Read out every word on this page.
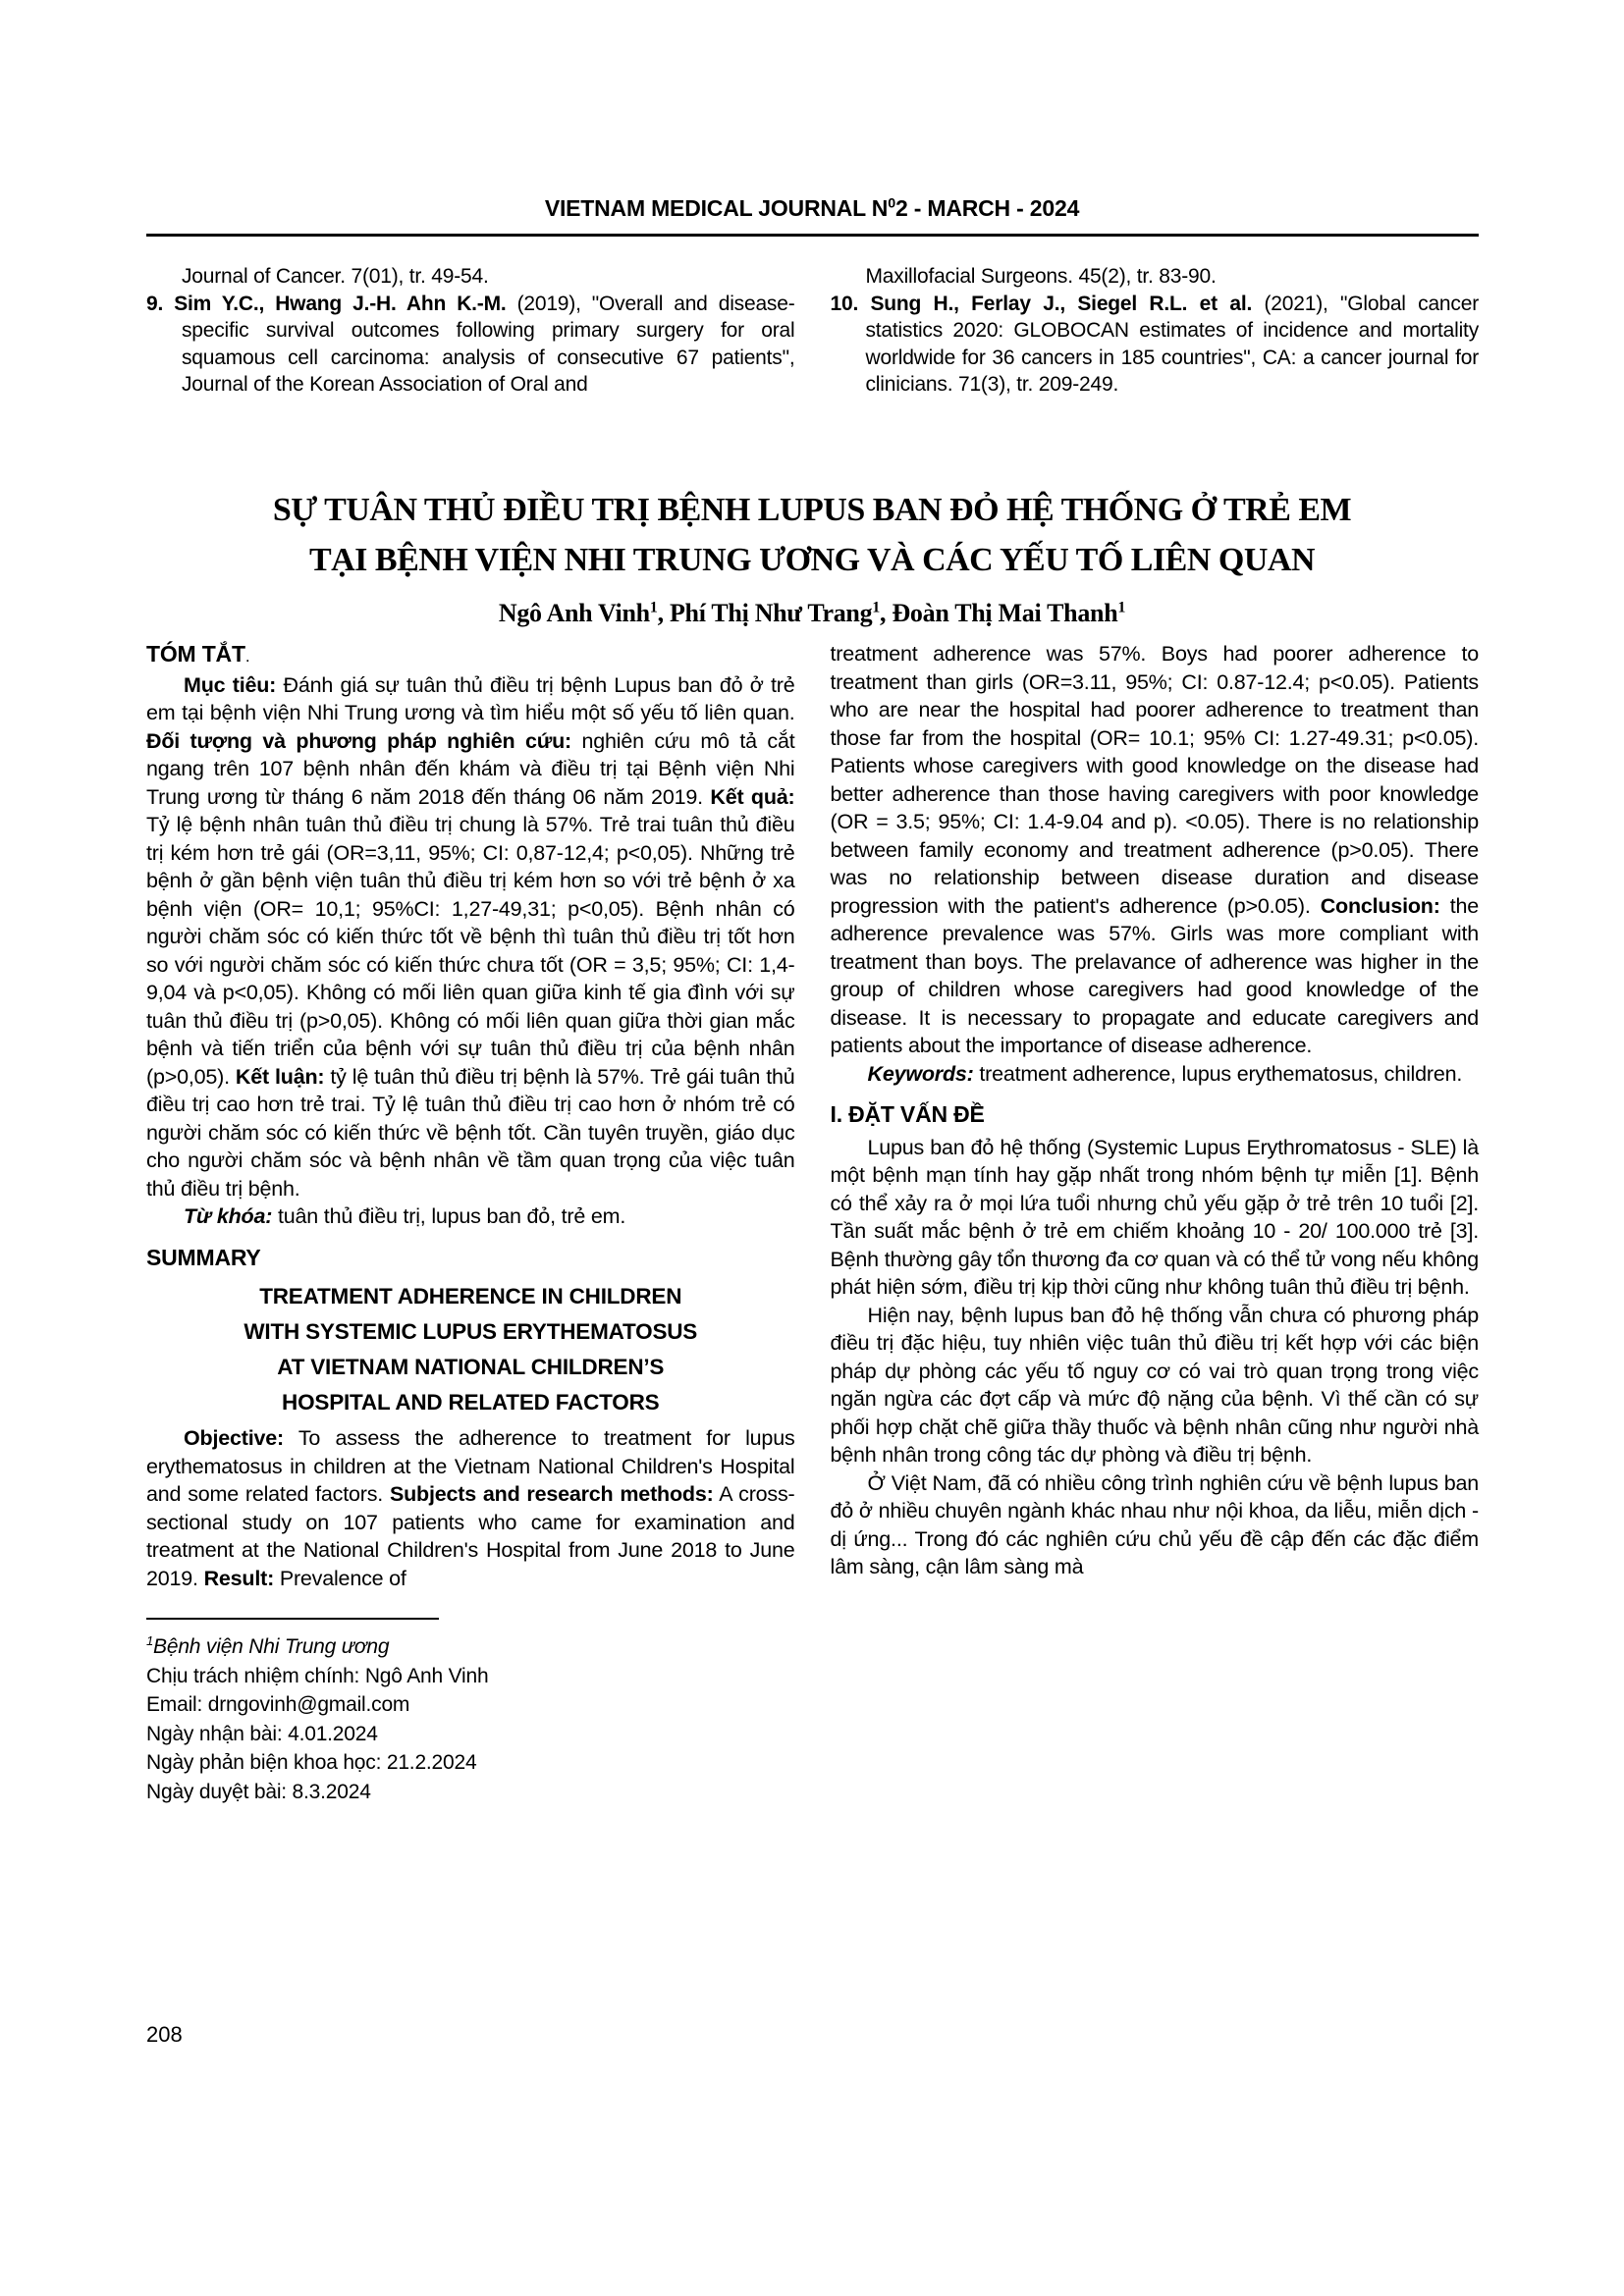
VIETNAM MEDICAL JOURNAL $N^02$ - MARCH - 2024
Journal of Cancer. 7(01), tr. 49-54.
9. Sim Y.C., Hwang J.-H. Ahn K.-M. (2019), "Overall and disease-specific survival outcomes following primary surgery for oral squamous cell carcinoma: analysis of consecutive 67 patients", Journal of the Korean Association of Oral and
Maxillofacial Surgeons. 45(2), tr. 83-90.
10. Sung H., Ferlay J., Siegel R.L. et al. (2021), "Global cancer statistics 2020: GLOBOCAN estimates of incidence and mortality worldwide for 36 cancers in 185 countries", CA: a cancer journal for clinicians. 71(3), tr. 209-249.
SỰ TUÂN THỦ ĐIỀU TRỊ BỆNH LUPUS BAN ĐỎ HỆ THỐNG Ở TRẺ EM
TẠI BỆNH VIỆN NHI TRUNG ƯƠNG VÀ CÁC YẾU TỐ LIÊN QUAN
Ngô Anh Vinh$^1$, Phí Thị Như Trang$^1$, Đoàn Thị Mai Thanh$^1$
TÓM TẮT.

Mục tiêu: Đánh giá sự tuân thủ điều trị bệnh Lupus ban đỏ ở trẻ em tại bệnh viện Nhi Trung ương và tìm hiểu một số yếu tố liên quan. Đối tượng và phương pháp nghiên cứu: nghiên cứu mô tả cắt ngang trên 107 bệnh nhân đến khám và điều trị tại Bệnh viện Nhi Trung ương từ tháng 6 năm 2018 đến tháng 06 năm 2019. Kết quả: Tỷ lệ bệnh nhân tuân thủ điều trị chung là 57%. Trẻ trai tuân thủ điều trị kém hơn trẻ gái (OR=3,11, 95%; CI: 0,87-12,4; p<0,05). Những trẻ bệnh ở gần bệnh viện tuân thủ điều trị kém hơn so với trẻ bệnh ở xa bệnh viện (OR= 10,1; 95%CI: 1,27-49,31; p<0,05). Bệnh nhân có người chăm sóc có kiến thức tốt về bệnh thì tuân thủ điều trị tốt hơn so với người chăm sóc có kiến thức chưa tốt (OR = 3,5; 95%; CI: 1,4-9,04 và p<0,05). Không có mối liên quan giữa kinh tế gia đình với sự tuân thủ điều trị (p>0,05). Không có mối liên quan giữa thời gian mắc bệnh và tiến triển của bệnh với sự tuân thủ điều trị của bệnh nhân (p>0,05). Kết luận: tỷ lệ tuân thủ điều trị bệnh là 57%. Trẻ gái tuân thủ điều trị cao hơn trẻ trai. Tỷ lệ tuân thủ điều trị cao hơn ở nhóm trẻ có người chăm sóc có kiến thức về bệnh tốt. Cần tuyên truyền, giáo dục cho người chăm sóc và bệnh nhân về tầm quan trọng của việc tuân thủ điều trị bệnh.

Từ khóa: tuân thủ điều trị, lupus ban đỏ, trẻ em.

SUMMARY
TREATMENT ADHERENCE IN CHILDREN
WITH SYSTEMIC LUPUS ERYTHEMATOSUS
AT VIETNAM NATIONAL CHILDREN’S
HOSPITAL AND RELATED FACTORS

Objective: To assess the adherence to treatment for lupus erythematosus in children at the Vietnam National Children's Hospital and some related factors. Subjects and research methods: A cross-sectional study on 107 patients who came for examination and treatment at the National Children's Hospital from June 2018 to June 2019. Result: Prevalence of

$^1$Bệnh viện Nhi Trung ương
Chịu trách nhiệm chính: Ngô Anh Vinh
Email: drngovinh@gmail.com
Ngày nhận bài: 4.01.2024
Ngày phản biện khoa học: 21.2.2024
Ngày duyệt bài: 8.3.2024

treatment adherence was 57%. Boys had poorer adherence to treatment than girls (OR=3.11, 95%; CI: 0.87-12.4; p<0.05). Patients who are near the hospital had poorer adherence to treatment than those far from the hospital (OR= 10.1; 95% CI: 1.27-49.31; p<0.05). Patients whose caregivers with good knowledge on the disease had better adherence than those having caregivers with poor knowledge (OR = 3.5; 95%; CI: 1.4-9.04 and p). <0.05). There is no relationship between family economy and treatment adherence (p>0.05). There was no relationship between disease duration and disease progression with the patient's adherence (p>0.05). Conclusion: the adherence prevalence was 57%. Girls was more compliant with treatment than boys. The prelavance of adherence was higher in the group of children whose caregivers had good knowledge of the disease. It is necessary to propagate and educate caregivers and patients about the importance of disease adherence.

Keywords: treatment adherence, lupus erythematosus, children.

I. ĐẶT VẤN ĐỀ

Lupus ban đỏ hệ thống (Systemic Lupus Erythromatosus - SLE) là một bệnh mạn tính hay gặp nhất trong nhóm bệnh tự miễn [1]. Bệnh có thể xảy ra ở mọi lứa tuổi nhưng chủ yếu gặp ở trẻ trên 10 tuổi [2]. Tần suất mắc bệnh ở trẻ em chiếm khoảng 10 - 20/ 100.000 trẻ [3]. Bệnh thường gây tổn thương đa cơ quan và có thể tử vong nếu không phát hiện sớm, điều trị kịp thời cũng như không tuân thủ điều trị bệnh.

Hiện nay, bệnh lupus ban đỏ hệ thống vẫn chưa có phương pháp điều trị đặc hiệu, tuy nhiên việc tuân thủ điều trị kết hợp với các biện pháp dự phòng các yếu tố nguy cơ có vai trò quan trọng trong việc ngăn ngừa các đợt cấp và mức độ nặng của bệnh. Vì thế cần có sự phối hợp chặt chẽ giữa thầy thuốc và bệnh nhân cũng như người nhà bệnh nhân trong công tác dự phòng và điều trị bệnh.

Ở Việt Nam, đã có nhiều công trình nghiên cứu về bệnh lupus ban đỏ ở nhiều chuyên ngành khác nhau như nội khoa, da liễu, miễn dịch - dị ứng... Trong đó các nghiên cứu chủ yếu đề cập đến các đặc điểm lâm sàng, cận lâm sàng mà

208
